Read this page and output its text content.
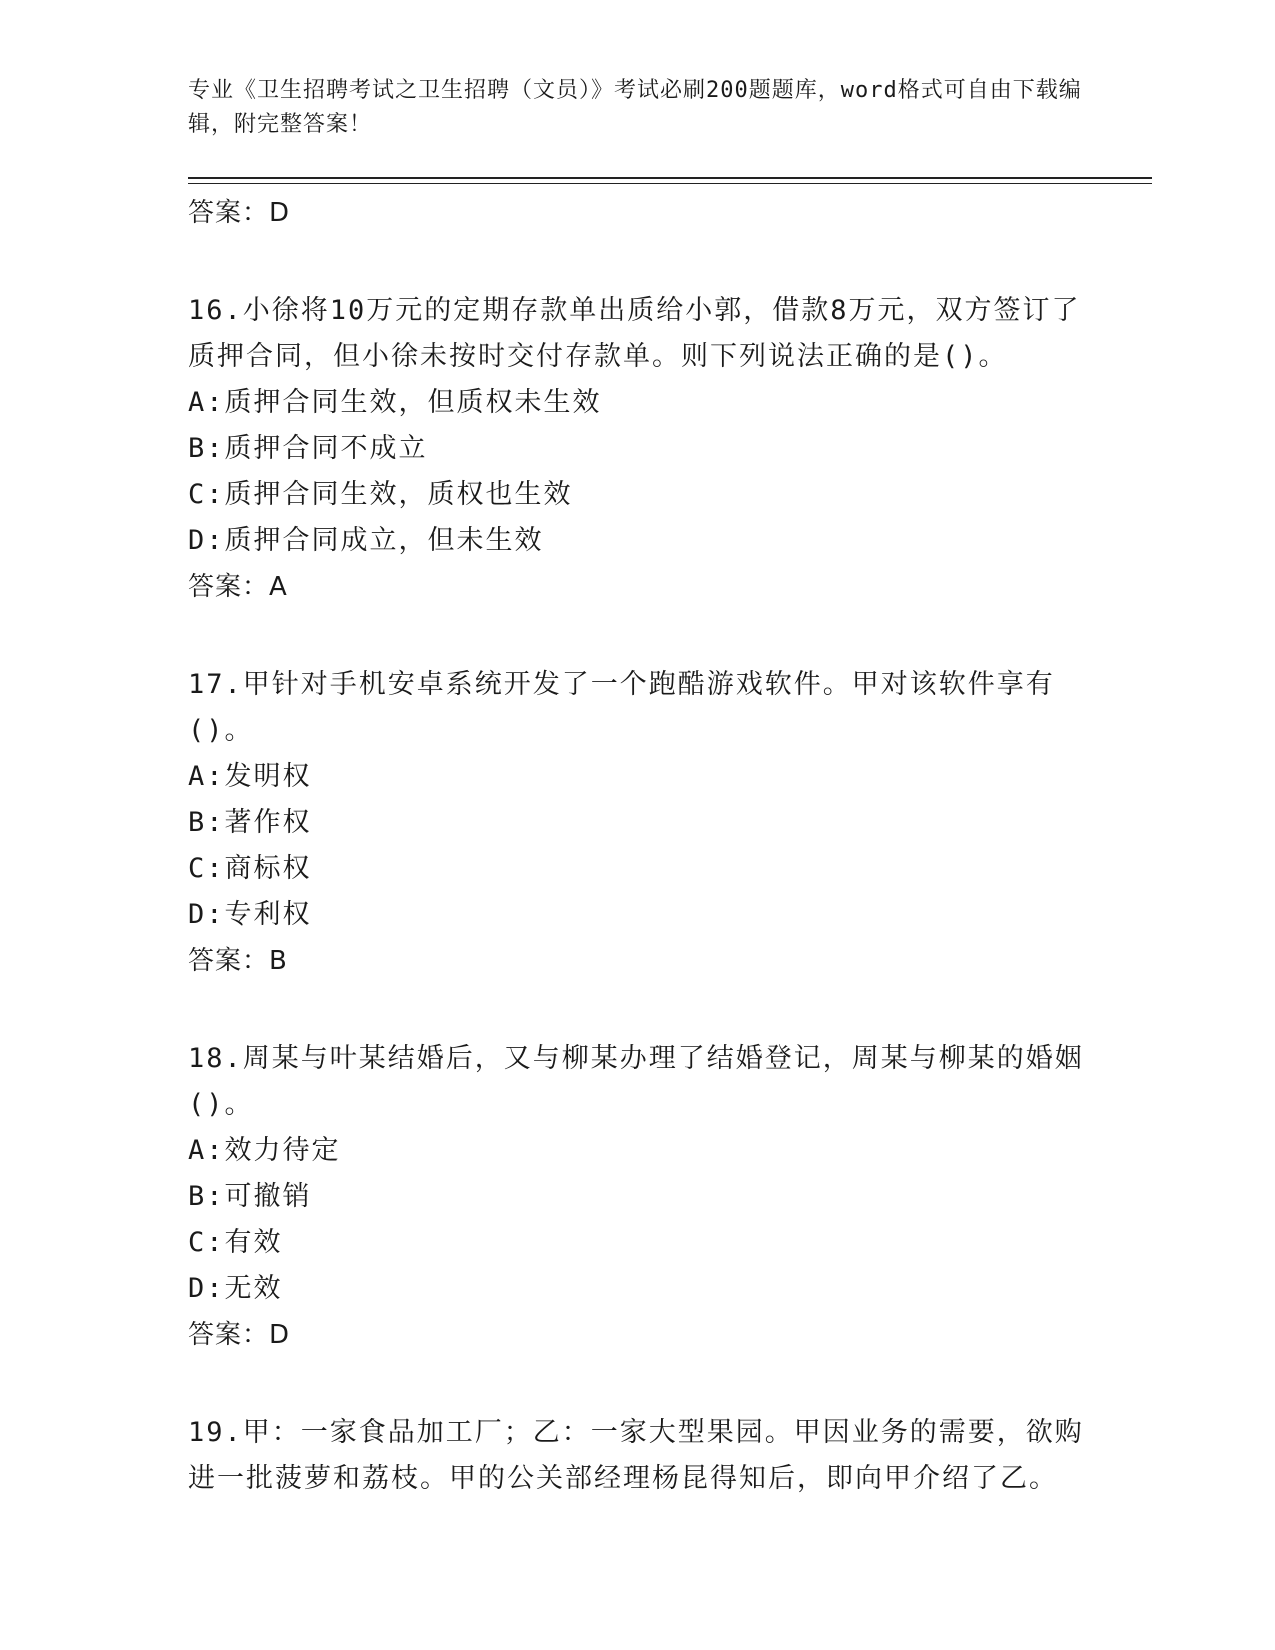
专业《卫生招聘考试之卫生招聘（文员）》考试必刷200题题库，word格式可自由下载编辑，附完整答案！
答案：D
16.小徐将10万元的定期存款单出质给小郭，借款8万元，双方签订了质押合同，但小徐未按时交付存款单。则下列说法正确的是()。
A:质押合同生效，但质权未生效
B:质押合同不成立
C:质押合同生效，质权也生效
D:质押合同成立，但未生效
答案：A
17.甲针对手机安卓系统开发了一个跑酷游戏软件。甲对该软件享有()。
A:发明权
B:著作权
C:商标权
D:专利权
答案：B
18.周某与叶某结婚后，又与柳某办理了结婚登记，周某与柳某的婚姻()。
A:效力待定
B:可撤销
C:有效
D:无效
答案：D
19.甲：一家食品加工厂；乙：一家大型果园。甲因业务的需要，欲购进一批菠萝和荔枝。甲的公关部经理杨昆得知后，即向甲介绍了乙。
